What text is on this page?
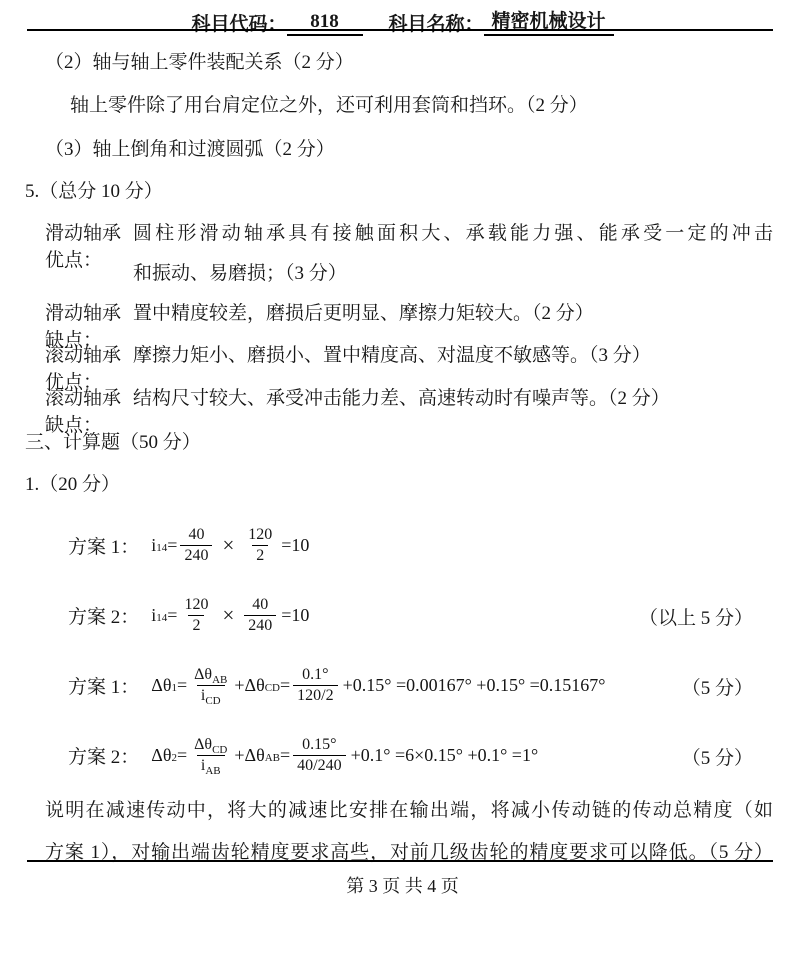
科目代码：	818	科目名称： 精密机械设计
（2）轴与轴上零件装配关系（2 分）
轴上零件除了用台肩定位之外，还可利用套筒和挡环。（2 分）
（3）轴上倒角和过渡圆弧（2 分）
5.（总分 10 分）
滑动轴承优点：
圆柱形滑动轴承具有接触面积大、承载能力强、能承受一定的冲击
和振动、易磨损；（3 分）
滑动轴承缺点：
置中精度较差，磨损后更明显、摩擦力矩较大。（2 分）
滚动轴承优点：
摩擦力矩小、磨损小、置中精度高、对温度不敏感等。（3 分）
滚动轴承缺点：
结构尺寸较大、承受冲击能力差、高速转动时有噪声等。（2 分）
三、计算题（50 分）
1.（20 分）
方案 1： i $14 = \frac{40}{240} \times \frac{120}{2} =10$
方案 2： i $14 = \frac{120}{2} \times \frac{40}{240} =10$	（以上 5 分）
方案 1： Δθ $1 = \frac{\Delta\theta_{AB}}{i_{CD}} + \Delta\theta$ CD = $\frac{0.1^\circ}{120/2} +0.15^\circ =0.00167^\circ +0.15^\circ =0.15167^\circ$	（5 分）
方案 2： Δθ $2 = \frac{\Delta\theta_{CD}}{i_{AB}} + \Delta\theta$ AB = $\frac{0.15^\circ}{40/240} +0.1^\circ =6\times 0.15^\circ +0.1^\circ =1^\circ$	（5 分）
说明在减速传动中，将大的减速比安排在输出端，将减小传动链的传动总精度（如
方案 1），对输出端齿轮精度要求高些，对前几级齿轮的精度要求可以降低。（5 分）
第 3 页 共 4 页
